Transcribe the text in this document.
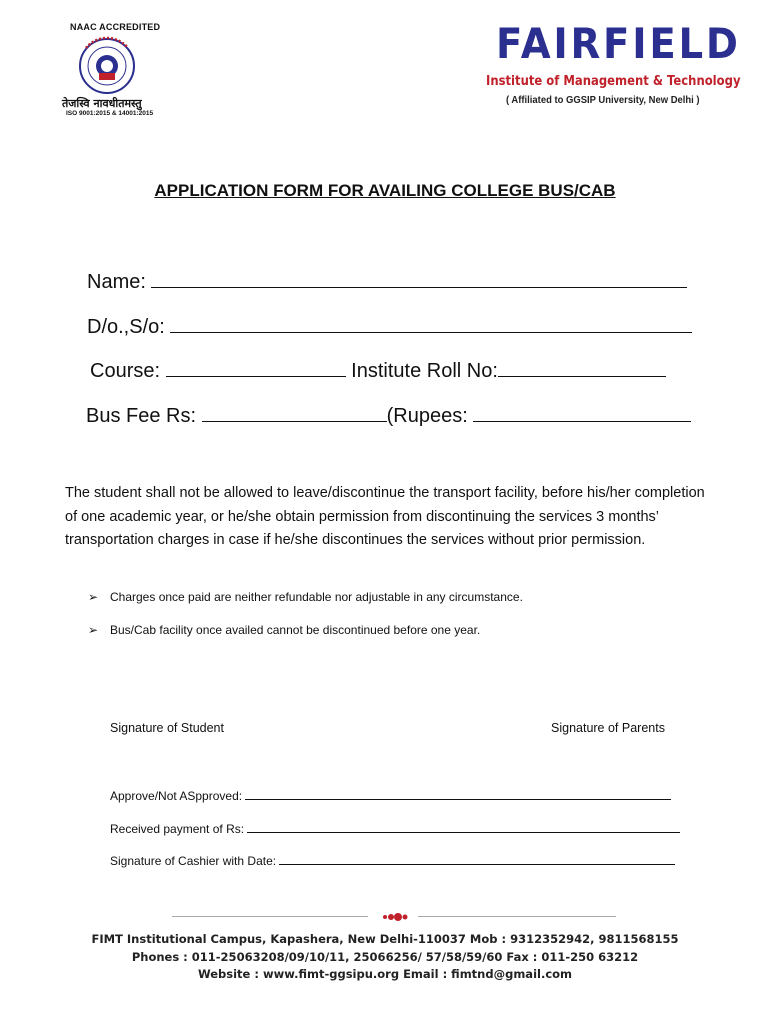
NAAC ACCREDITED
तेजस्वि नावधीतमस्तु
ISO 9001:2015 & 14001:2015
FAIRFIELD
Institute of Management & Technology
( Affiliated to GGSIP University, New Delhi )
APPLICATION FORM FOR AVAILING COLLEGE BUS/CAB
Name:
D/o.,S/o:
Course:	Institute Roll No:
Bus Fee Rs:	(Rupees:
The student shall not be allowed to leave/discontinue the transport facility, before his/her completion of one academic year, or he/she obtain permission from discontinuing the services 3 months’ transportation charges in case if he/she discontinues the services without prior permission.
➢ Charges once paid are neither refundable nor adjustable in any circumstance.
➢ Bus/Cab facility once availed cannot be discontinued before one year.
Signature of Student	Signature of Parents
Approve/Not ASpproved:
Received payment of Rs:
Signature of Cashier with Date:
FIMT Institutional Campus, Kapashera, New Delhi-110037 Mob : 9312352942, 9811568155
Phones : 011-25063208/09/10/11, 25066256/ 57/58/59/60 Fax : 011-250 63212
Website : www.fimt-ggsipu.org Email : fimtnd@gmail.com
